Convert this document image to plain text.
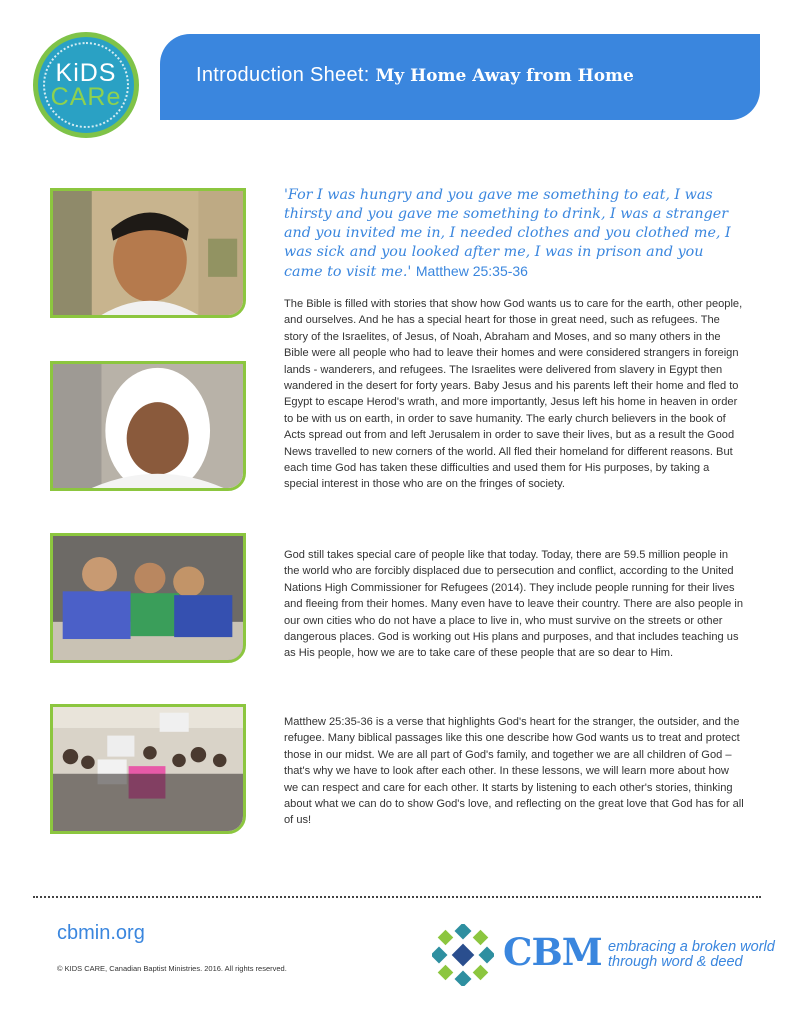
Introduction Sheet: My Home Away from Home
KiDS
CARe
'For I was hungry and you gave me something to eat, I was thirsty and you gave me something to drink, I was a stranger and you invited me in, I needed clothes and you clothed me, I was sick and you looked after me, I was in prison and you came to visit me.' Matthew 25:35-36

The Bible is filled with stories that show how God wants us to care for the earth, other people, and ourselves. And he has a special heart for those in great need, such as refugees. The story of the Israelites, of Jesus, of Noah, Abraham and Moses, and so many others in the Bible were all people who had to leave their homes and were considered strangers in foreign lands - wanderers, and refugees. The Israelites were delivered from slavery in Egypt then wandered in the desert for forty years. Baby Jesus and his parents left their home and fled to Egypt to escape Herod's wrath, and more importantly, Jesus left his home in heaven in order to be with us on earth, in order to save humanity. The early church believers in the book of Acts spread out from and left Jerusalem in order to save their lives, but as a result the Good News travelled to new corners of the world. All fled their homeland for different reasons. But each time God has taken these difficulties and used them for His purposes, by taking a special interest in those who are on the fringes of society.

God still takes special care of people like that today. Today, there are 59.5 million people in the world who are forcibly displaced due to persecution and conflict, according to the United Nations High Commissioner for Refugees (2014). They include people running for their lives and fleeing from their homes. Many even have to leave their country. There are also people in our own cities who do not have a place to live in, who must survive on the streets or other dangerous places. God is working out His plans and purposes, and that includes teaching us as His people, how we are to take care of these people that are so dear to Him.

Matthew 25:35-36 is a verse that highlights God's heart for the stranger, the outsider, and the refugee. Many biblical passages like this one describe how God wants us to treat and protect those in our midst. We are all part of God's family, and together we are all children of God – that's why we have to look after each other. In these lessons, we will learn more about how we can respect and care for each other. It starts by listening to each other's stories, thinking about what we can do to show God's love, and reflecting on the great love that God has for all of us!

cbmin.org
© KIDS CARE, Canadian Baptist Ministries. 2016. All rights reserved.	CBM embracing a broken world
through word & deed
